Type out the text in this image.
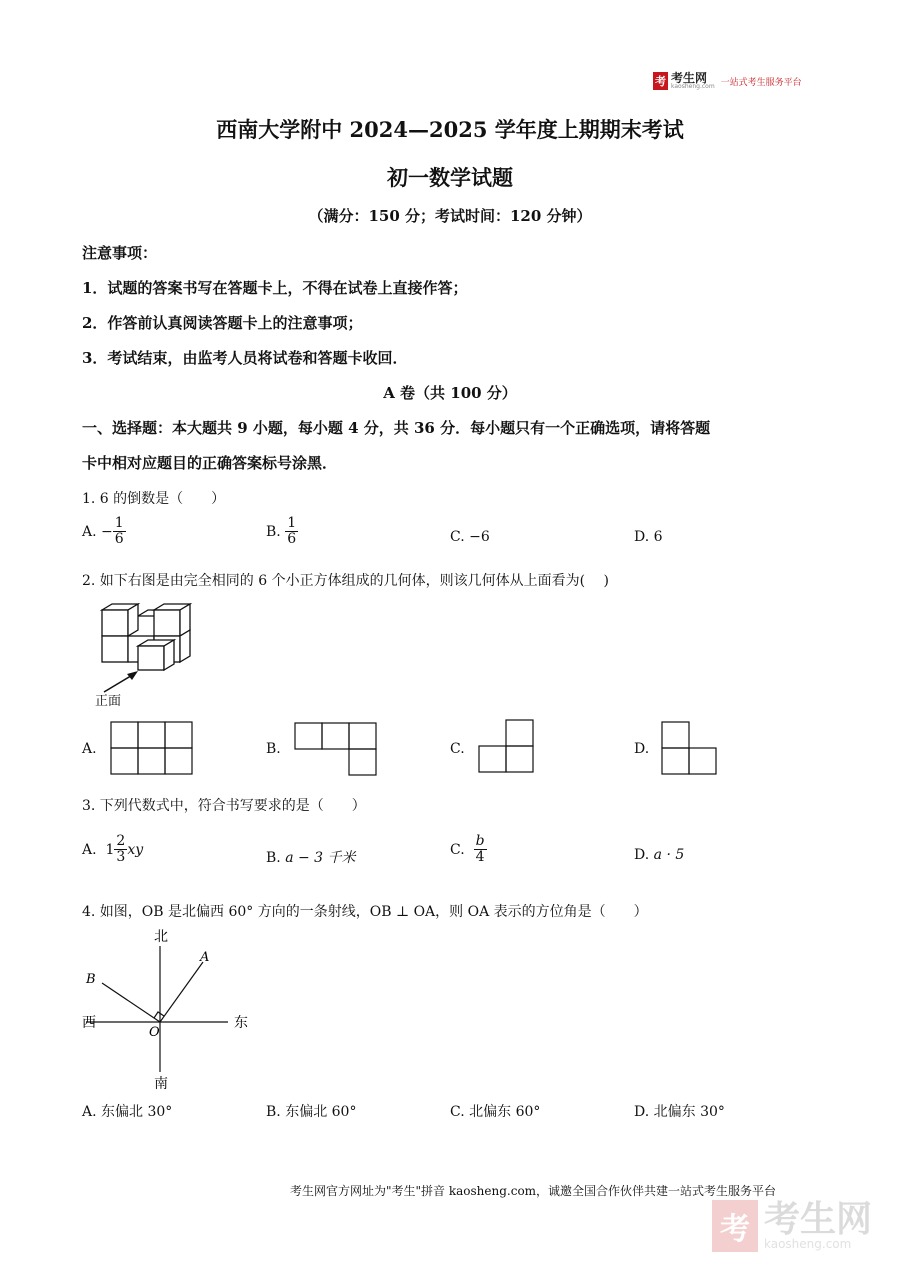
考 考生网
kaosheng.com 一站式考生服务平台
西南大学附中 2024—2025 学年度上期期末考试
初一数学试题
（满分：150 分；考试时间：120 分钟）
注意事项：
1．试题的答案书写在答题卡上，不得在试卷上直接作答；
2．作答前认真阅读答题卡上的注意事项；
3．考试结束，由监考人员将试卷和答题卡收回．
A 卷（共 100 分）
一、选择题：本大题共 9 小题，每小题 4 分，共 36 分．每小题只有一个正确选项，请将答题
卡中相对应题目的正确答案标号涂黑．
1. 6 的倒数是（　　）
A.
− $\frac{1}{6}$	B.
$\frac{1}{6}$	C. −6	D. 6
2. 如下右图是由完全相同的 6 个小正方体组成的几何体，则该几何体从上面看为(　 )
正面
A.	B.	C.	D.
3. 下列代数式中，符合书写要求的是（　　）
A.
$1 \frac{2}{3}$ xy
B. a − 3 千米
C.
$\frac{b}{4}$	D. a · 5
4. 如图，OB 是北偏西 60° 方向的一条射线，OB ⊥ OA，则 OA 表示的方位角是（　　）
北
南
东
西
A
B
O
A. 东偏北 30°	B. 东偏北 60°	C. 北偏东 60°	D. 北偏东 30°
考生网官方网址为"考生"拼音 kaosheng.com，诚邀全国合作伙伴共建一站式考生服务平台
考 考生网
kaosheng.com
